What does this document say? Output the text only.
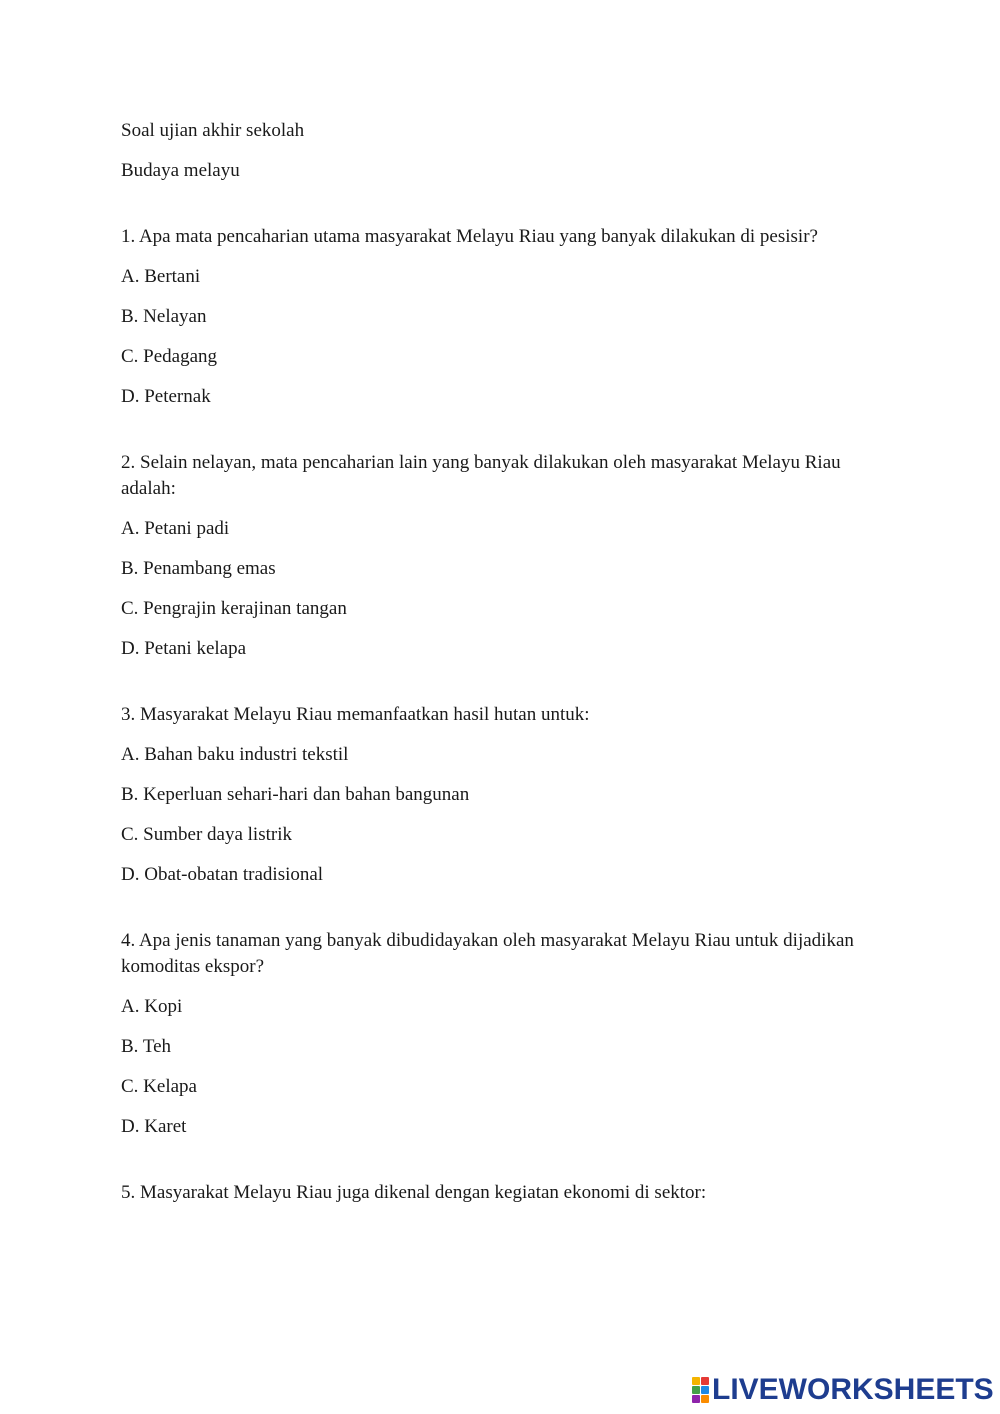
Soal ujian akhir sekolah
Budaya melayu
1. Apa mata pencaharian utama masyarakat Melayu Riau yang banyak dilakukan di pesisir?
A. Bertani
B. Nelayan
C. Pedagang
D. Peternak
2. Selain nelayan, mata pencaharian lain yang banyak dilakukan oleh masyarakat Melayu Riau adalah:
A. Petani padi
B. Penambang emas
C. Pengrajin kerajinan tangan
D. Petani kelapa
3. Masyarakat Melayu Riau memanfaatkan hasil hutan untuk:
A. Bahan baku industri tekstil
B. Keperluan sehari-hari dan bahan bangunan
C. Sumber daya listrik
D. Obat-obatan tradisional
4. Apa jenis tanaman yang banyak dibudidayakan oleh masyarakat Melayu Riau untuk dijadikan komoditas ekspor?
A. Kopi
B. Teh
C. Kelapa
D. Karet
5. Masyarakat Melayu Riau juga dikenal dengan kegiatan ekonomi di sektor:
LIVEWORKSHEETS
